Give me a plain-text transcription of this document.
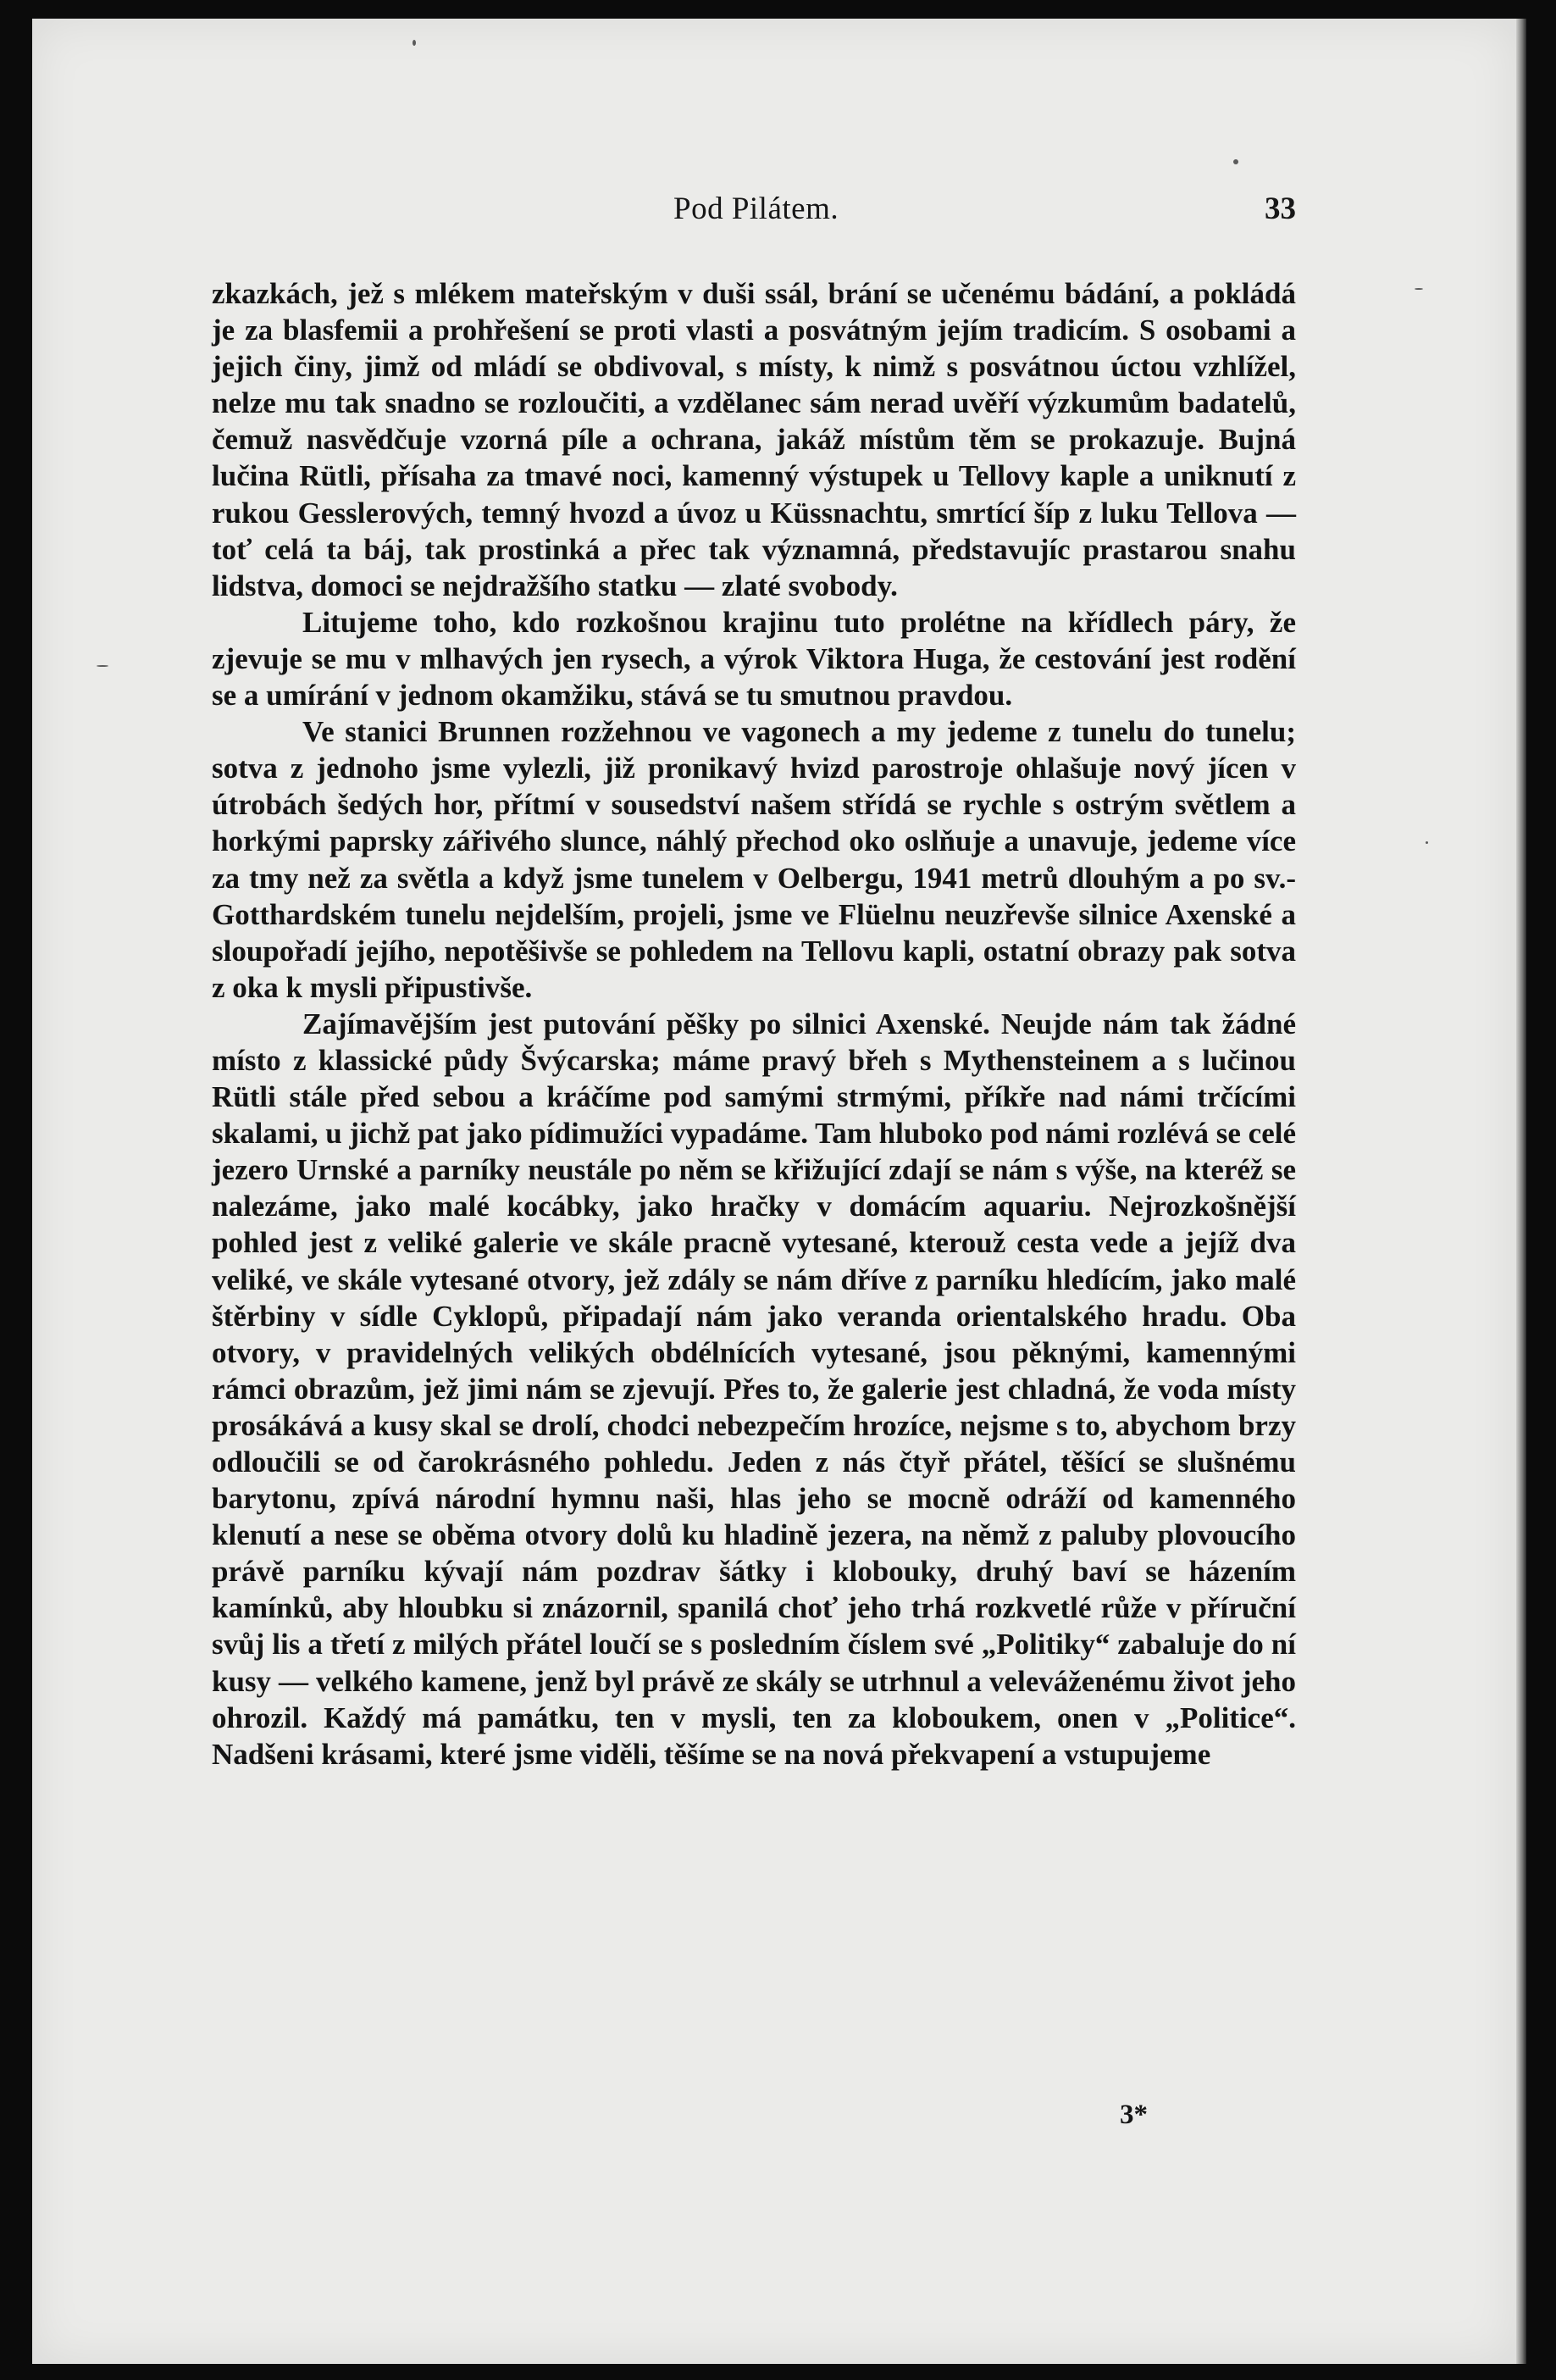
Pod Pilátem.	33

zkazkách, jež s mlékem mateřským v duši ssál, brání se učenému bádání, a pokládá je za blasfemii a prohřešení se proti vlasti a posvátným jejím tradicím. S osobami a jejich činy, jimž od mládí se obdivoval, s místy, k nimž s posvátnou úctou vzhlížel, nelze mu tak snadno se rozloučiti, a vzdělanec sám nerad uvěří výzkumům badatelů, čemuž nasvědčuje vzorná píle a ochrana, jakáž místům těm se prokazuje. Bujná lučina Rütli, přísaha za tmavé noci, kamenný výstupek u Tellovy kaple a uniknutí z rukou Gesslerových, temný hvozd a úvoz u Küssnachtu, smrtící šíp z luku Tellova — toť celá ta báj, tak prostinká a přec tak významná, představujíc prastarou snahu lidstva, domoci se nejdražšího statku — zlaté svobody.

Litujeme toho, kdo rozkošnou krajinu tuto prolétne na křídlech páry, že zjevuje se mu v mlhavých jen rysech, a výrok Viktora Huga, že cestování jest rodění se a umírání v jednom okamžiku, stává se tu smutnou pravdou.

Ve stanici Brunnen rozžehnou ve vagonech a my jedeme z tunelu do tunelu; sotva z jednoho jsme vylezli, již pronikavý hvizd parostroje ohlašuje nový jícen v útrobách šedých hor, přítmí v sousedství našem střídá se rychle s ostrým světlem a horkými paprsky zářivého slunce, náhlý přechod oko oslňuje a unavuje, jedeme více za tmy než za světla a když jsme tunelem v Oelbergu, 1941 metrů dlouhým a po sv.-Gotthardském tunelu nejdelším, projeli, jsme ve Flüelnu neuzřevše silnice Axenské a sloupořadí jejího, nepotěšivše se pohledem na Tellovu kapli, ostatní obrazy pak sotva z oka k mysli připustivše.

Zajímavějším jest putování pěšky po silnici Axenské. Neujde nám tak žádné místo z klassické půdy Švýcarska; máme pravý břeh s Mythensteinem a s lučinou Rütli stále před sebou a kráčíme pod samými strmými, příkře nad námi trčícími skalami, u jichž pat jako pídimužíci vypadáme. Tam hluboko pod námi rozlévá se celé jezero Urnské a parníky neustále po něm se křižující zdají se nám s výše, na kteréž se nalezáme, jako malé kocábky, jako hračky v domácím aquariu. Nejrozkošnější pohled jest z veliké galerie ve skále pracně vytesané, kterouž cesta vede a jejíž dva veliké, ve skále vytesané otvory, jež zdály se nám dříve z parníku hledícím, jako malé štěrbiny v sídle Cyklopů, připadají nám jako veranda orientalského hradu. Oba otvory, v pravidelných velikých obdélnících vytesané, jsou pěknými, kamennými rámci obrazům, jež jimi nám se zjevují. Přes to, že galerie jest chladná, že voda místy prosákává a kusy skal se drolí, chodci nebezpečím hrozíce, nejsme s to, abychom brzy odloučili se od čarokrásného pohledu. Jeden z nás čtyř přátel, těšící se slušnému barytonu, zpívá národní hymnu naši, hlas jeho se mocně odráží od kamenného klenutí a nese se oběma otvory dolů ku hladině jezera, na němž z paluby plovoucího právě parníku kývají nám pozdrav šátky i klobouky, druhý baví se házením kamínků, aby hloubku si znázornil, spanilá choť jeho trhá rozkvetlé růže v příruční svůj lis a třetí z milých přátel loučí se s posledním číslem své „Politiky“ zabaluje do ní kusy — velkého kamene, jenž byl právě ze skály se utrhnul a veleváženému život jeho ohrozil. Každý má památku, ten v mysli, ten za kloboukem, onen v „Politice“. Nadšeni krásami, které jsme viděli, těšíme se na nová překvapení a vstupujeme

3*
